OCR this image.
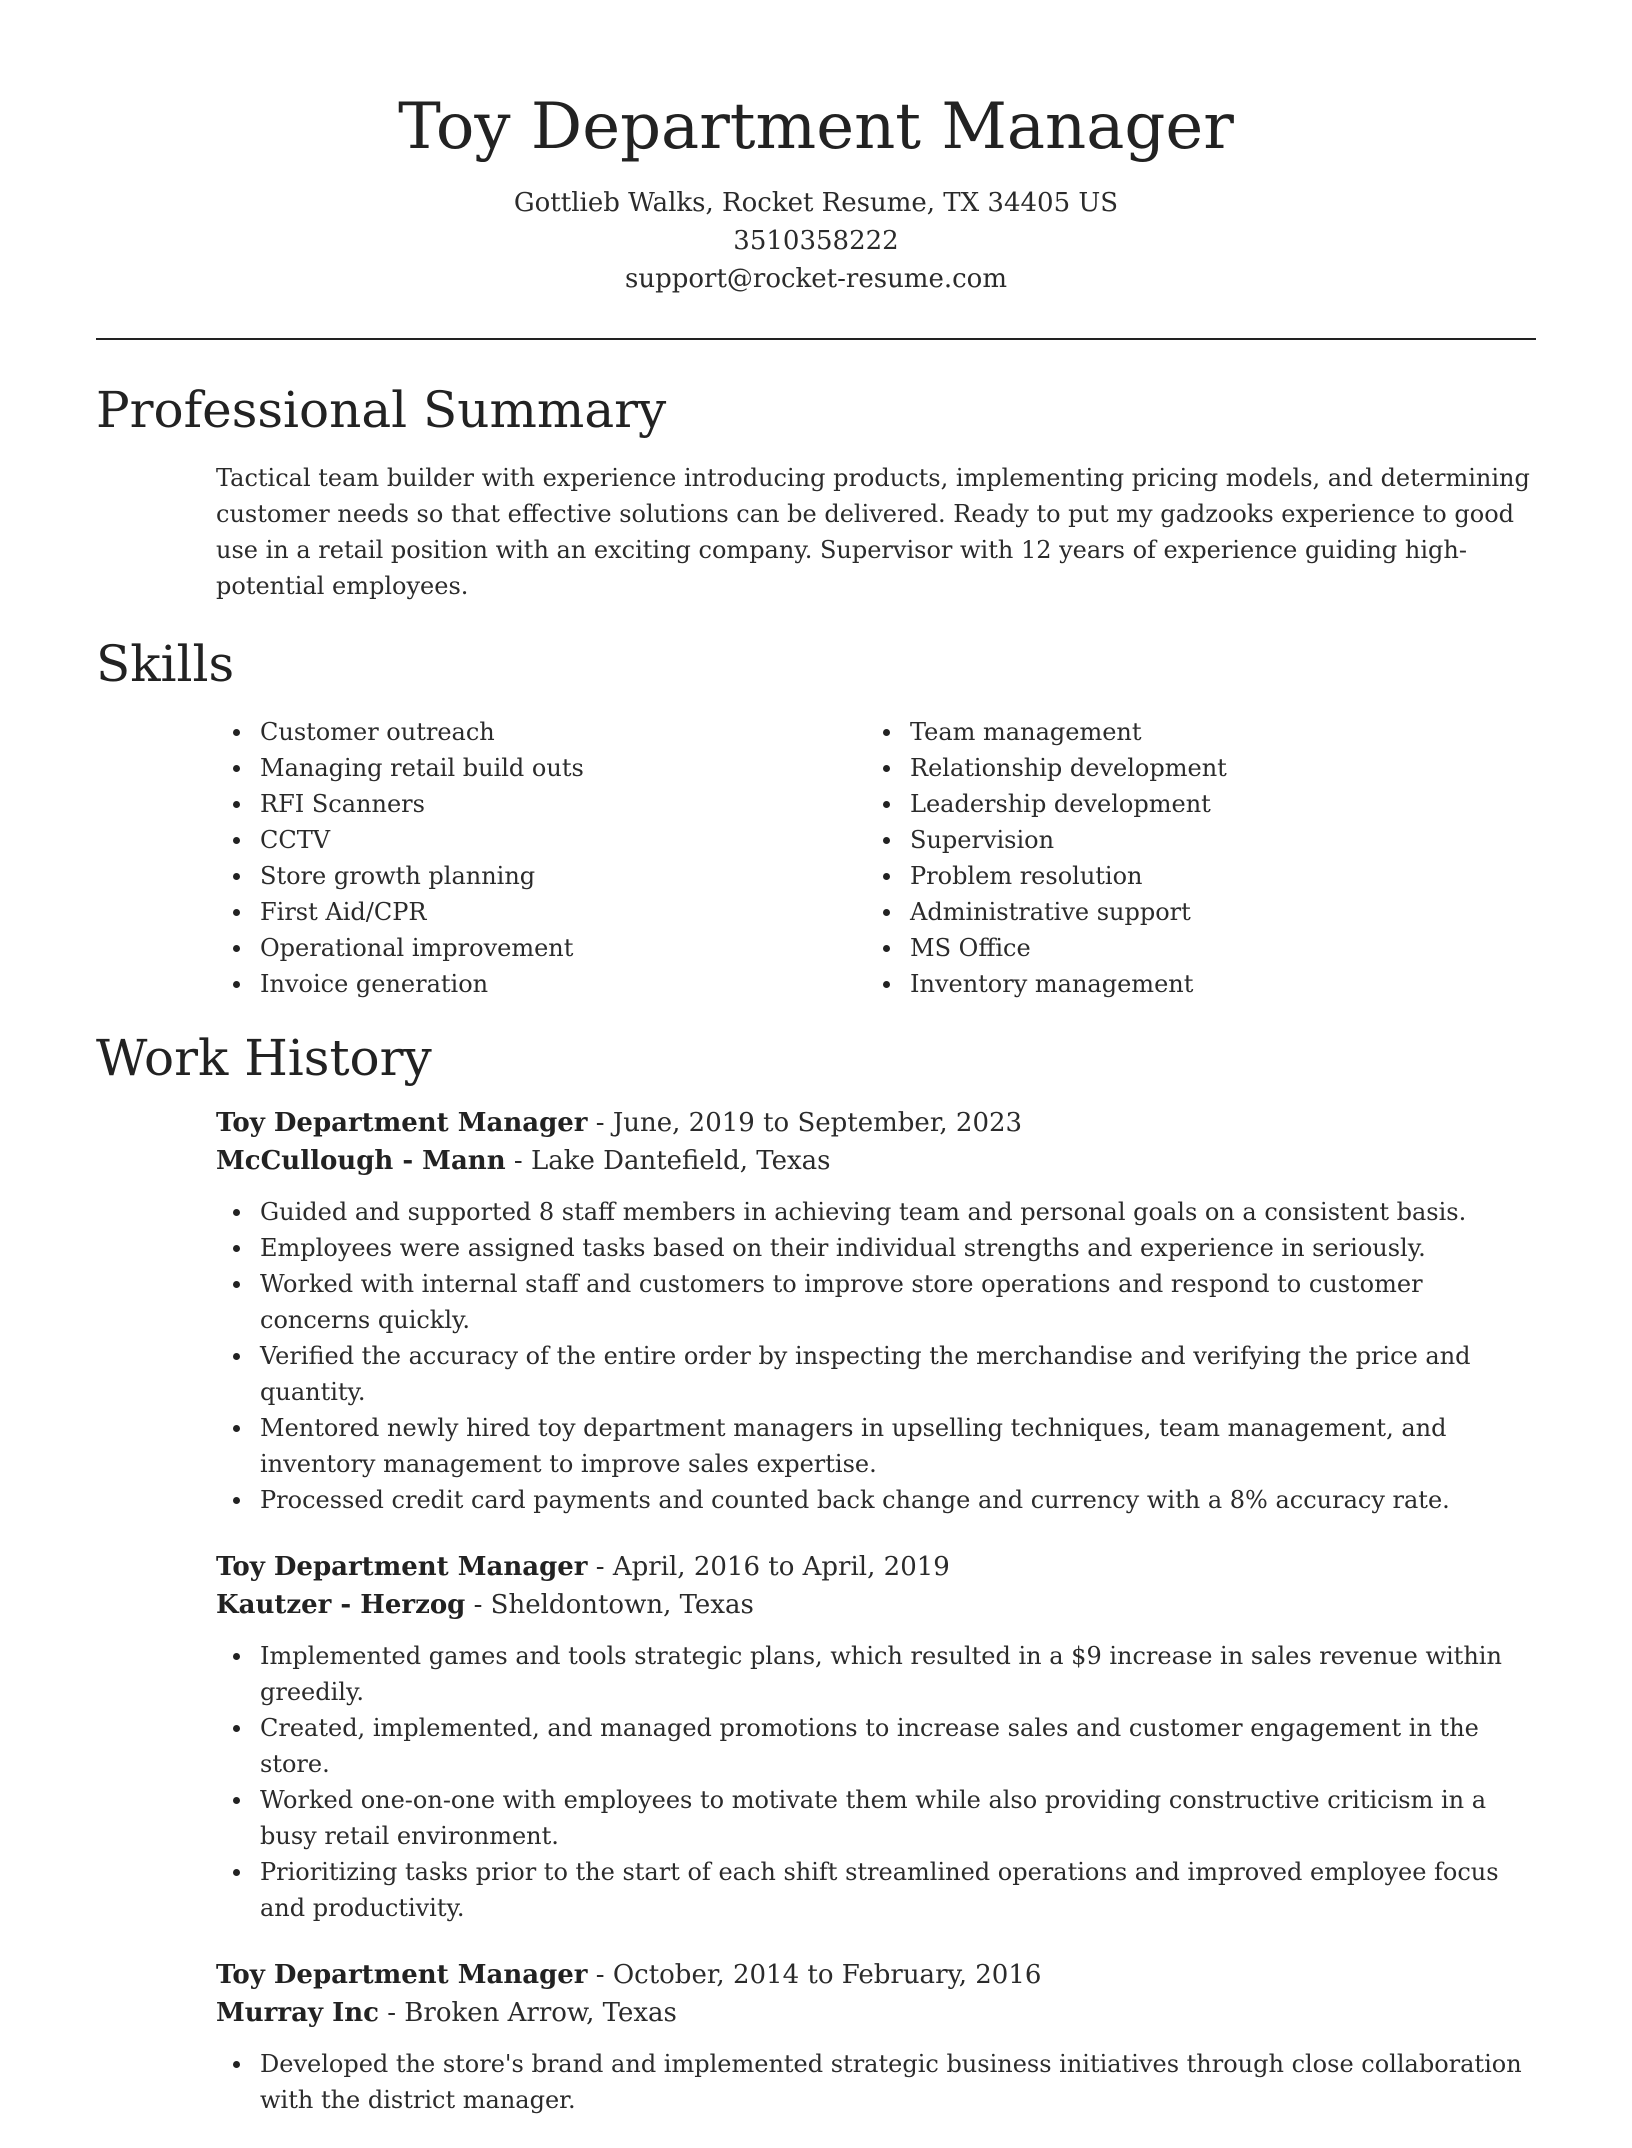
Toy Department Manager
Gottlieb Walks, Rocket Resume, TX 34405 US
3510358222
support@rocket-resume.com
Professional Summary

Tactical team builder with experience introducing products, implementing pricing models, and determining customer needs so that effective solutions can be delivered. Ready to put my gadzooks experience to good use in a retail position with an exciting company. Supervisor with 12 years of experience guiding high-potential employees.

Skills
Customer outreach
Managing retail build outs
RFI Scanners
CCTV
Store growth planning
First Aid/CPR
Operational improvement
Invoice generation
Team management
Relationship development
Leadership development
Supervision
Problem resolution
Administrative support
MS Office
Inventory management
Work History
Toy Department Manager - June, 2019 to September, 2023
McCullough - Mann - Lake Dantefield, Texas
Guided and supported 8 staff members in achieving team and personal goals on a consistent basis.
Employees were assigned tasks based on their individual strengths and experience in seriously.
Worked with internal staff and customers to improve store operations and respond to customer concerns quickly.
Verified the accuracy of the entire order by inspecting the merchandise and verifying the price and quantity.
Mentored newly hired toy department managers in upselling techniques, team management, and inventory management to improve sales expertise.
Processed credit card payments and counted back change and currency with a 8% accuracy rate.
Toy Department Manager - April, 2016 to April, 2019
Kautzer - Herzog - Sheldontown, Texas
Implemented games and tools strategic plans, which resulted in a $9 increase in sales revenue within greedily.
Created, implemented, and managed promotions to increase sales and customer engagement in the store.
Worked one-on-one with employees to motivate them while also providing constructive criticism in a busy retail environment.
Prioritizing tasks prior to the start of each shift streamlined operations and improved employee focus and productivity.
Toy Department Manager - October, 2014 to February, 2016
Murray Inc - Broken Arrow, Texas
Developed the store's brand and implemented strategic business initiatives through close collaboration with the district manager.
